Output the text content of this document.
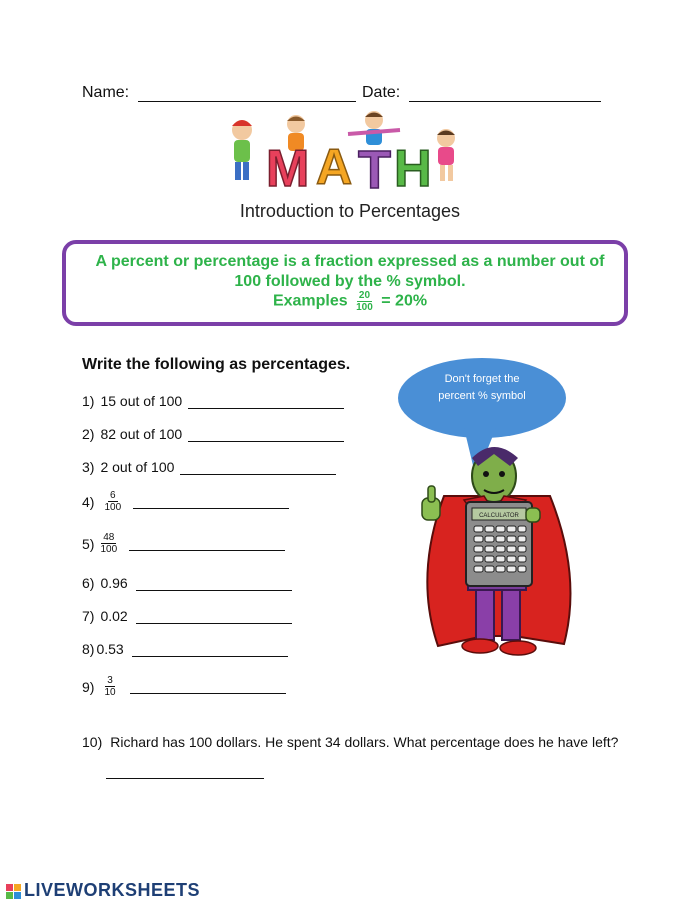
Name:	Date:
M A T H
Introduction to Percentages
A percent or percentage is a fraction expressed as a number out of
100 followed by the % symbol.
Examples $\frac{20}{100} = 20\%$
Write the following as percentages.
1) 15 out of 100
2) 82 out of 100
3) 2 out of 100
$4) \frac{6}{100}$
$5) \frac{48}{100}$
6) 0.96
7) 0.02
8) 0.53
$9) \frac{3}{10}$
10) Richard has 100 dollars. He spent 34 dollars. What percentage does he have left?
Don't forget the
percent % symbol
CALCULATOR
LIVEWORKSHEETS
